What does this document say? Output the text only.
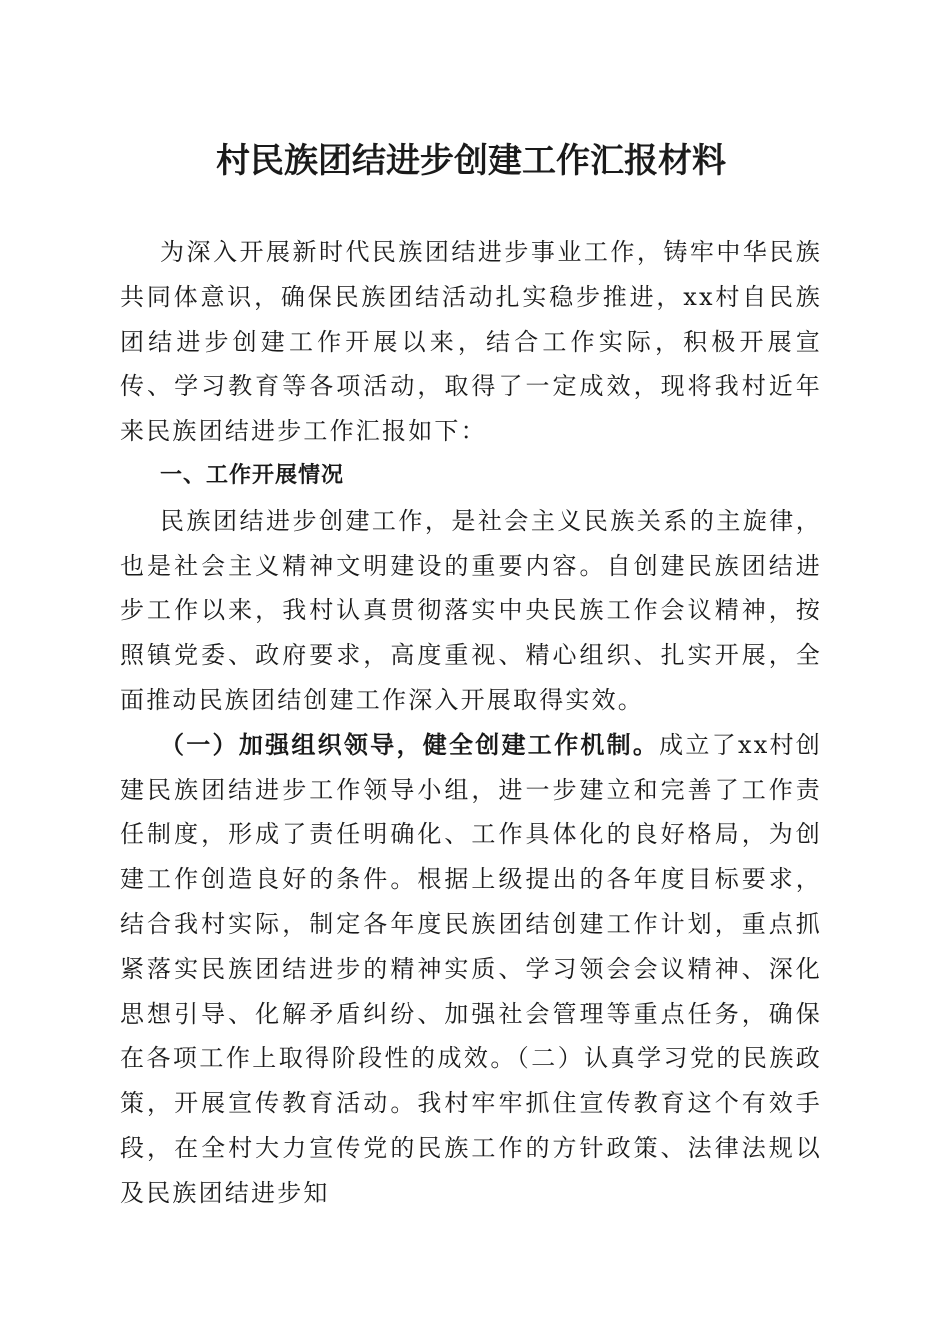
村民族团结进步创建工作汇报材料

为深入开展新时代民族团结进步事业工作，铸牢中华民族共同体意识，确保民族团结活动扎实稳步推进，xx村自民族团结进步创建工作开展以来，结合工作实际，积极开展宣传、学习教育等各项活动，取得了一定成效，现将我村近年来民族团结进步工作汇报如下：

一、工作开展情况

民族团结进步创建工作，是社会主义民族关系的主旋律，也是社会主义精神文明建设的重要内容。自创建民族团结进步工作以来，我村认真贯彻落实中央民族工作会议精神，按照镇党委、政府要求，高度重视、精心组织、扎实开展，全面推动民族团结创建工作深入开展取得实效。

（一）加强组织领导，健全创建工作机制。成立了xx村创建民族团结进步工作领导小组，进一步建立和完善了工作责任制度，形成了责任明确化、工作具体化的良好格局，为创建工作创造良好的条件。根据上级提出的各年度目标要求，结合我村实际，制定各年度民族团结创建工作计划，重点抓紧落实民族团结进步的精神实质、学习领会会议精神、深化思想引导、化解矛盾纠纷、加强社会管理等重点任务，确保在各项工作上取得阶段性的成效。（二）认真学习党的民族政策，开展宣传教育活动。我村牢牢抓住宣传教育这个有效手段，在全村大力宣传党的民族工作的方针政策、法律法规以及民族团结进步知
